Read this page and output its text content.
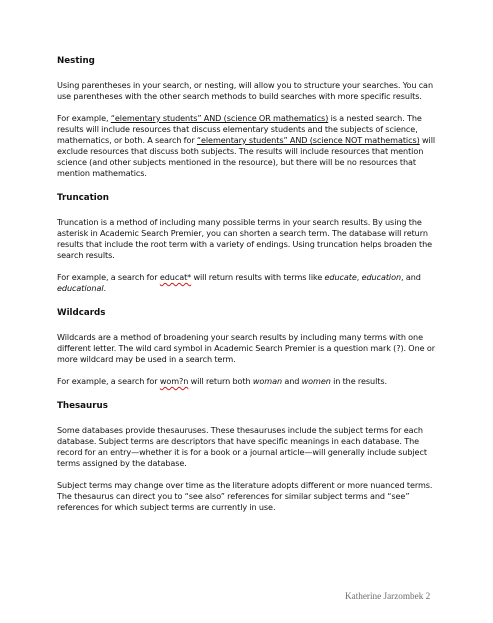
Nesting

Using parentheses in your search, or nesting, will allow you to structure your searches. You can use parentheses with the other search methods to build searches with more specific results.

For example, “elementary students” AND (science OR mathematics) is a nested search. The results will include resources that discuss elementary students and the subjects of science, mathematics, or both. A search for “elementary students” AND (science NOT mathematics) will exclude resources that discuss both subjects. The results will include resources that mention science (and other subjects mentioned in the resource), but there will be no resources that mention mathematics.

Truncation

Truncation is a method of including many possible terms in your search results. By using the asterisk in Academic Search Premier, you can shorten a search term. The database will return results that include the root term with a variety of endings. Using truncation helps broaden the search results.

For example, a search for educat* will return results with terms like educate, education, and educational.

Wildcards

Wildcards are a method of broadening your search results by including many terms with one different letter. The wild card symbol in Academic Search Premier is a question mark (?). One or more wildcard may be used in a search term.

For example, a search for wom?n will return both woman and women in the results.

Thesaurus

Some databases provide thesauruses. These thesauruses include the subject terms for each database. Subject terms are descriptors that have specific meanings in each database. The record for an entry—whether it is for a book or a journal article—will generally include subject terms assigned by the database.

Subject terms may change over time as the literature adopts different or more nuanced terms. The thesaurus can direct you to “see also” references for similar subject terms and “see” references for which subject terms are currently in use.

Katherine Jarzombek 2
